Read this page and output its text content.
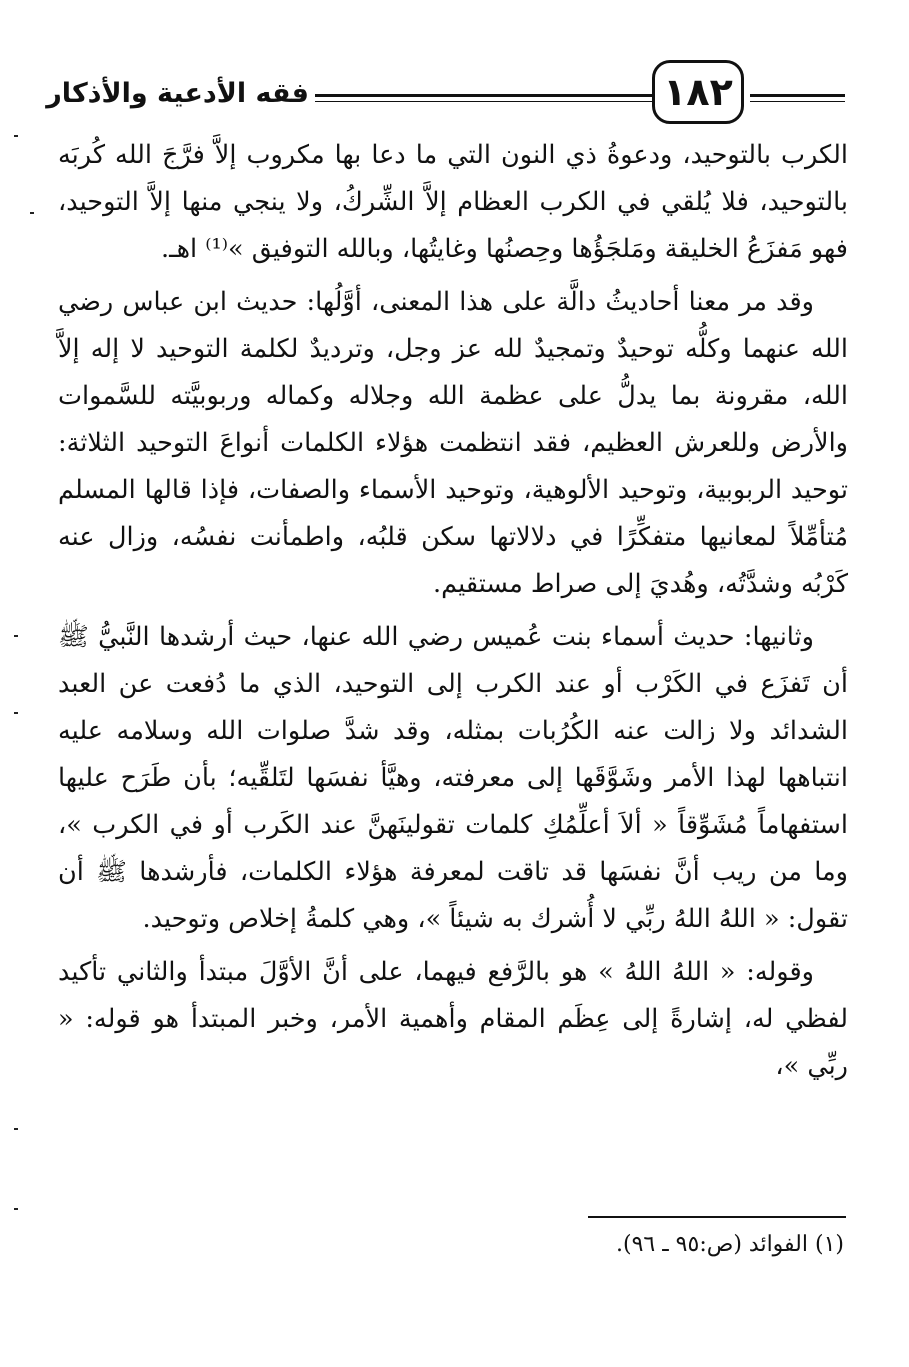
فقه الأدعية والأذكار	١٨٢

الكرب بالتوحيد، ودعوةُ ذي النون التي ما دعا بها مكروب إلاَّ فرَّجَ الله كُربَه بالتوحيد، فلا يُلقي في الكرب العظام إلاَّ الشِّركُ، ولا ينجي منها إلاَّ التوحيد، فهو مَفزَعُ الخليقة ومَلجَؤُها وحِصنُها وغايتُها، وبالله التوفيق »⁽¹⁾ اهـ.

وقد مر معنا أحاديثُ دالَّة على هذا المعنى، أوَّلُها: حديث ابن عباس رضي الله عنهما وكلُّه توحيدٌ وتمجيدٌ لله عز وجل، وترديدٌ لكلمة التوحيد لا إله إلاَّ الله، مقرونة بما يدلُّ على عظمة الله وجلاله وكماله وربوبيَّته للسَّموات والأرض وللعرش العظيم، فقد انتظمت هؤلاء الكلمات أنواعَ التوحيد الثلاثة: توحيد الربوبية، وتوحيد الألوهية، وتوحيد الأسماء والصفات، فإذا قالها المسلم مُتأمِّلاً لمعانيها متفكِّرًا في دلالاتها سكن قلبُه، واطمأنت نفسُه، وزال عنه كَرْبُه وشدَّتُه، وهُديَ إلى صراط مستقيم.

وثانيها: حديث أسماء بنت عُميس رضي الله عنها، حيث أرشدها النَّبيُّ ﷺ أن تَفزَع في الكَرْب أو عند الكرب إلى التوحيد، الذي ما دُفعت عن العبد الشدائد ولا زالت عنه الكُرُبات بمثله، وقد شدَّ صلوات الله وسلامه عليه انتباهها لهذا الأمر وشَوَّقَها إلى معرفته، وهيَّأ نفسَها لتَلقِّيه؛ بأن طَرَح عليها استفهاماً مُشَوِّقاً « ألاَ أعلِّمُكِ كلمات تقولينَهنَّ عند الكَرب أو في الكرب »، وما من ريب أنَّ نفسَها قد تاقت لمعرفة هؤلاء الكلمات، فأرشدها ﷺ أن تقول: « اللهُ اللهُ ربِّي لا أُشرك به شيئاً »، وهي كلمةُ إخلاص وتوحيد.

وقوله: « اللهُ اللهُ » هو بالرَّفع فيهما، على أنَّ الأوَّلَ مبتدأ والثاني تأكيد لفظي له، إشارةً إلى عِظَم المقام وأهمية الأمر، وخبر المبتدأ هو قوله: « ربِّي »،

(١) الفوائد (ص:٩٥ ـ ٩٦).
